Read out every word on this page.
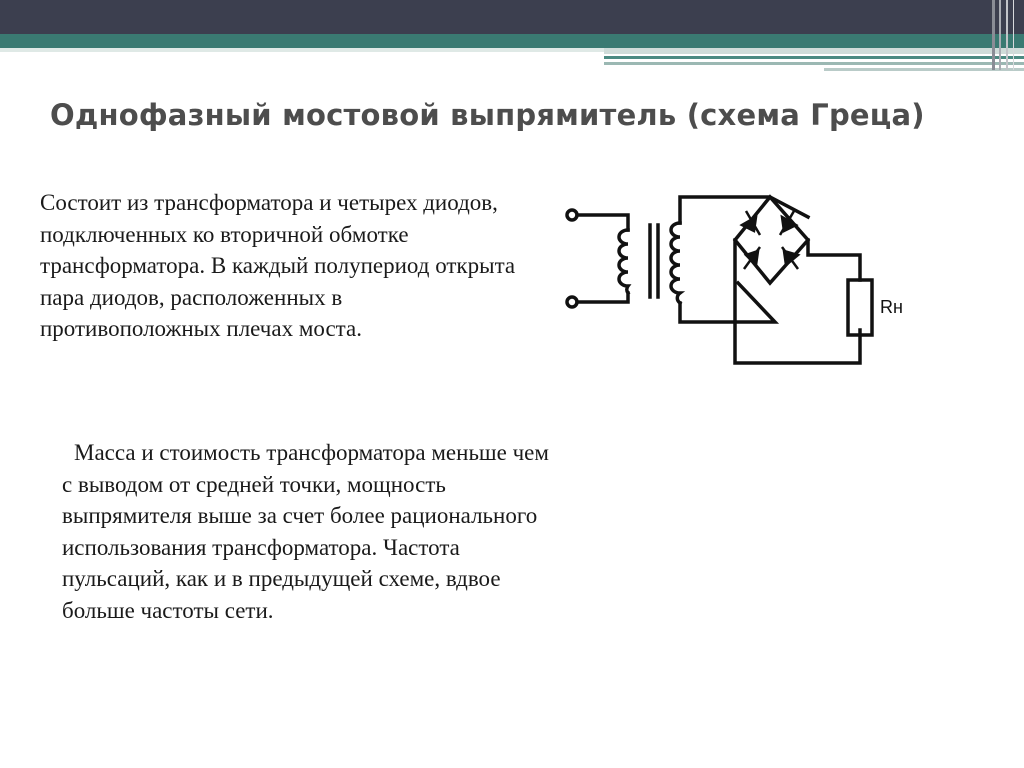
Однофазный мостовой выпрямитель (схема Греца)

Состоит из трансформатора и четырех диодов, подключенных ко вторичной обмотке трансформатора. В каждый полупериод открыта пара диодов, расположенных в противоположных плечах моста.

Масса и стоимость трансформатора меньше чем с выводом от средней точки, мощность выпрямителя выше за счет более рационального использования трансформатора. Частота пульсаций, как и в предыдущей схеме, вдвое больше частоты сети.

Rн
